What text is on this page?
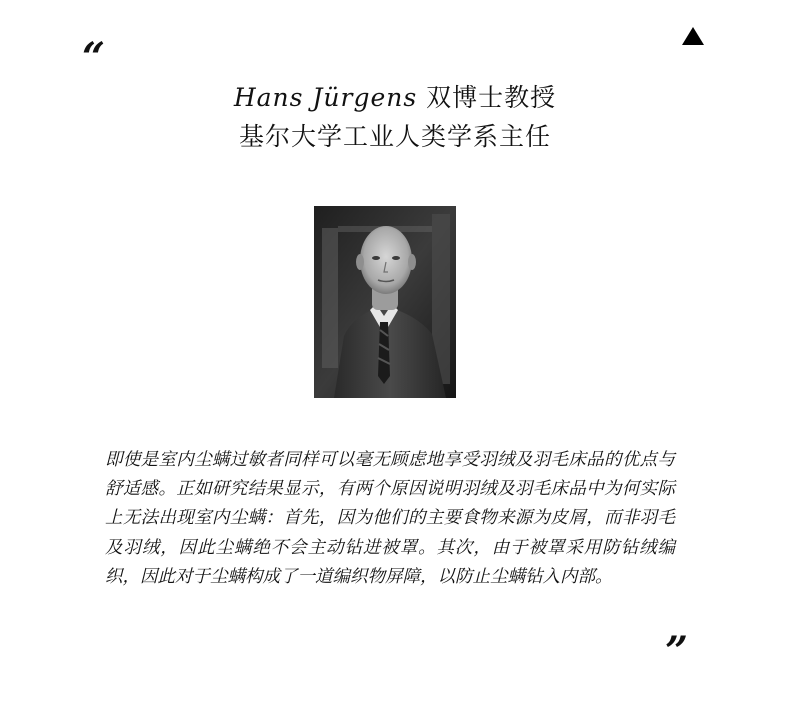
“
Hans Jürgens 双博士教授
基尔大学工业人类学系主任
即使是室内尘螨过敏者同样可以毫无顾虑地享受羽绒及羽毛床品的优点与舒适感。正如研究结果显示，有两个原因说明羽绒及羽毛床品中为何实际上无法出现室内尘螨：首先，因为他们的主要食物来源为皮屑，而非羽毛及羽绒，因此尘螨绝不会主动钻进被罩。其次，由于被罩采用防钻绒编织，因此对于尘螨构成了一道编织物屏障，以防止尘螨钻入内部。
”
